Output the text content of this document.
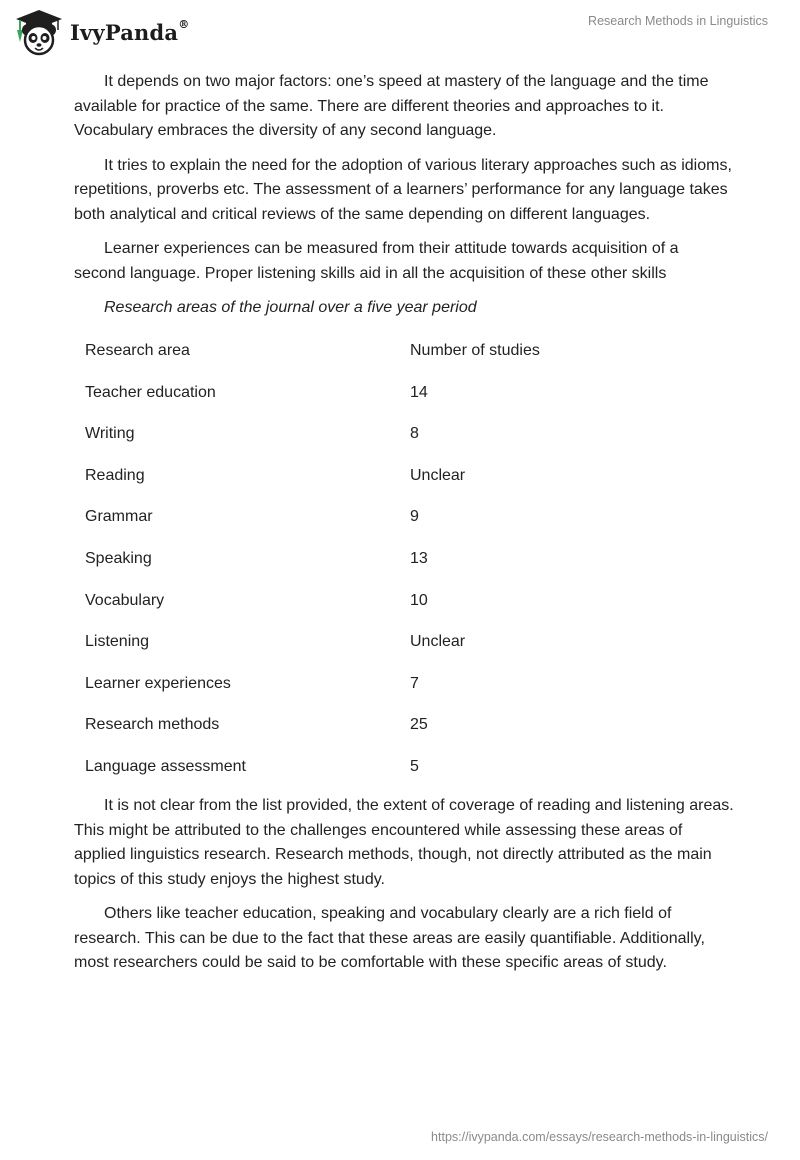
IvyPanda®	Research Methods in Linguistics

It depends on two major factors: one’s speed at mastery of the language and the time available for practice of the same. There are different theories and approaches to it. Vocabulary embraces the diversity of any second language.

It tries to explain the need for the adoption of various literary approaches such as idioms, repetitions, proverbs etc. The assessment of a learners’ performance for any language takes both analytical and critical reviews of the same depending on different languages.

Learner experiences can be measured from their attitude towards acquisition of a second language. Proper listening skills aid in all the acquisition of these other skills

Research areas of the journal over a five year period

Research area	Number of studies
Teacher education	14
Writing	8
Reading	Unclear
Grammar	9
Speaking	13
Vocabulary	10
Listening	Unclear
Learner experiences	7
Research methods	25
Language assessment	5

It is not clear from the list provided, the extent of coverage of reading and listening areas. This might be attributed to the challenges encountered while assessing these areas of applied linguistics research. Research methods, though, not directly attributed as the main topics of this study enjoys the highest study.

Others like teacher education, speaking and vocabulary clearly are a rich field of research. This can be due to the fact that these areas are easily quantifiable. Additionally, most researchers could be said to be comfortable with these specific areas of study.

https://ivypanda.com/essays/research-methods-in-linguistics/
